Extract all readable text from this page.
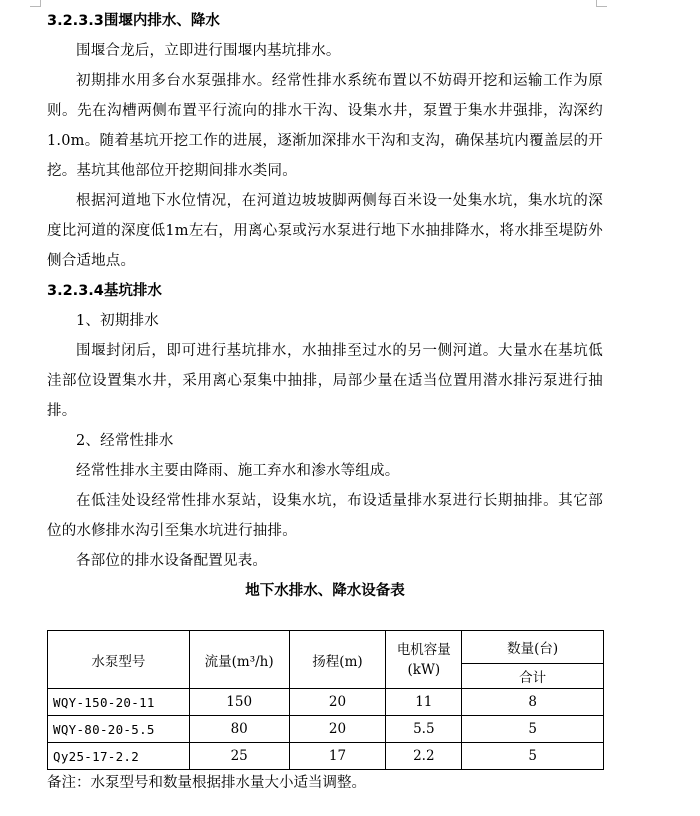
3.2.3.3围堰内排水、降水

围堰合龙后，立即进行围堰内基坑排水。

初期排水用多台水泵强排水。经常性排水系统布置以不妨碍开挖和运输工作为原则。先在沟槽两侧布置平行流向的排水干沟、设集水井，泵置于集水井强排，沟深约1.0m。随着基坑开挖工作的进展，逐渐加深排水干沟和支沟，确保基坑内覆盖层的开挖。基坑其他部位开挖期间排水类同。

根据河道地下水位情况，在河道边坡坡脚两侧每百米设一处集水坑，集水坑的深度比河道的深度低1m左右，用离心泵或污水泵进行地下水抽排降水，将水排至堤防外侧合适地点。

3.2.3.4基坑排水

1、初期排水

围堰封闭后，即可进行基坑排水，水抽排至过水的另一侧河道。大量水在基坑低洼部位设置集水井，采用离心泵集中抽排，局部少量在适当位置用潜水排污泵进行抽排。

2、经常性排水

经常性排水主要由降雨、施工弃水和渗水等组成。

在低洼处设经常性排水泵站，设集水坑，布设适量排水泵进行长期抽排。其它部位的水修排水沟引至集水坑进行抽排。

各部位的排水设备配置见表。

地下水排水、降水设备表

水泵型号	流量(m³/h)	扬程(m)	电机容量(kW)	数量(台)
				合计
WQY-150-20-11	150	20	11	8
WQY-80-20-5.5	80	20	5.5	5
Qy25-17-2.2	25	17	2.2	5

备注：水泵型号和数量根据排水量大小适当调整。
